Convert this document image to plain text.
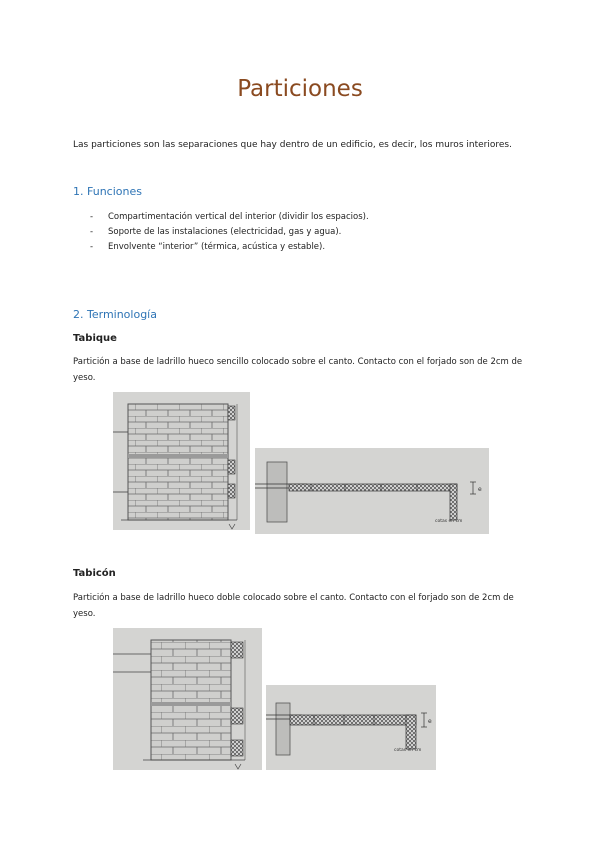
Particiones
Las particiones son las separaciones que hay dentro de un edificio, es decir, los muros interiores.
1. Funciones
- Compartimentación vertical del interior (dividir los espacios).
- Soporte de las instalaciones (electricidad, gas y agua).
- Envolvente “interior” (térmica, acústica y estable).
2. Terminología
Tabique
Partición a base de ladrillo hueco sencillo colocado sobre el canto. Contacto con el forjado son de 2cm de yeso.
e
cotas en cm
Tabicón
Partición a base de ladrillo hueco doble colocado sobre el canto. Contacto con el forjado son de 2cm de yeso.
e
cotas en cm
